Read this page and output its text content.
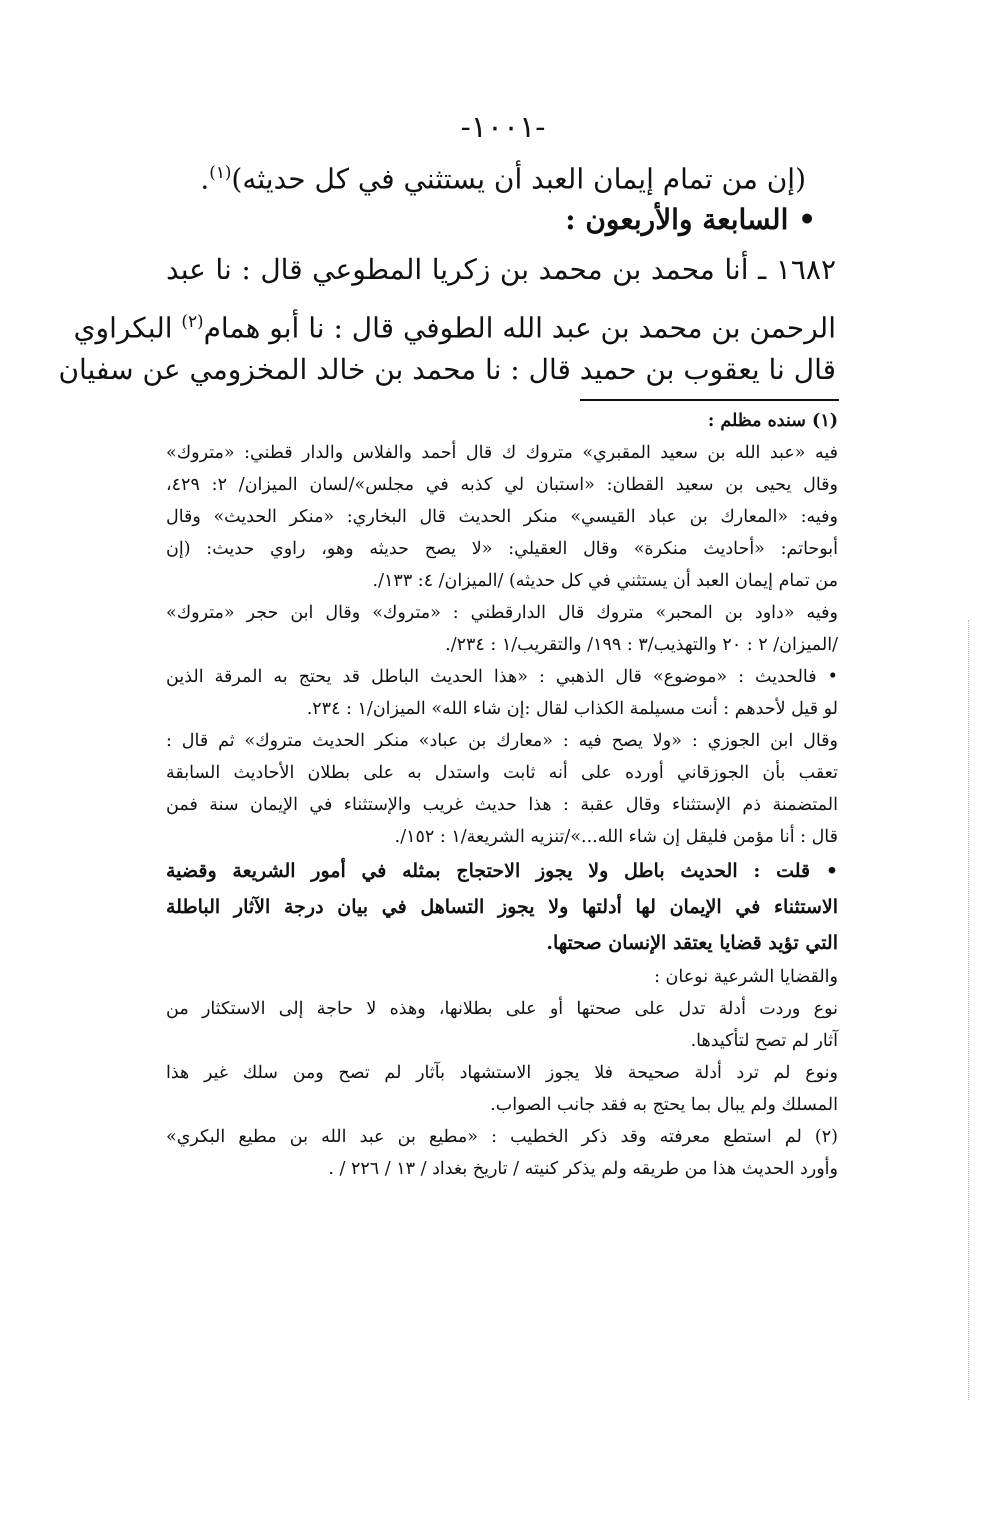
-١٠٠١-

(إن من تمام إيمان العبد أن يستثني في كل حديثه)$^{(١)}$.

• السابعة والأربعون :

١٦٨٢ ـ أنا محمد بن محمد بن زكريا المطوعي قال : نا عبد

الرحمن بن محمد بن عبد الله الطوفي قال : نا أبو همام$^{(٢)}$ البكراوي

قال نا يعقوب بن حميد قال : نا محمد بن خالد المخزومي عن سفيان

(١) سنده مظلم :

فيه «عبد الله بن سعيد المقبري» متروك ك قال أحمد والفلاس والدار قطني: «متروك»

وقال يحيى بن سعيد القطان: «استبان لي كذبه في مجلس»/لسان الميزان/ ٢: ٤٢٩،

وفيه: «المعارك بن عباد القيسي» منكر الحديث قال البخاري: «منكر الحديث» وقال

أبوحاتم: «أحاديث منكرة» وقال العقيلي: «لا يصح حديثه وهو، راوي حديث: (إن

من تمام إيمان العبد أن يستثني في كل حديثه) /الميزان/ ٤: ١٣٣/.

وفيه «داود بن المحبر» متروك قال الدارقطني : «متروك» وقال ابن حجر «متروك»

/الميزان/ ٢ : ٢٠ والتهذيب/٣ : ١٩٩/ والتقريب/١ : ٢٣٤/.

• فالحديث : «موضوع» قال الذهبي : «هذا الحديث الباطل قد يحتج به المرقة الذين

لو قيل لأحدهم : أنت مسيلمة الكذاب لقال :إن شاء الله» الميزان/١ : ٢٣٤.

وقال ابن الجوزي : «ولا يصح فيه : «معارك بن عباد» منكر الحديث متروك» ثم قال :

تعقب بأن الجوزقاني أورده على أنه ثابت واستدل به على بطلان الأحاديث السابقة

المتضمنة ذم الإستثناء وقال عقبة : هذا حديث غريب والإستثناء في الإيمان سنة فمن

قال : أنا مؤمن فليقل إن شاء الله...»/تنزيه الشريعة/١ : ١٥٢/.

• قلت : الحديث باطل ولا يجوز الاحتجاج بمثله في أمور الشريعة وقضية

الاستثناء في الإيمان لها أدلتها ولا يجوز التساهل في بيان درجة الآثار الباطلة

التي تؤيد قضايا يعتقد الإنسان صحتها.

والقضايا الشرعية نوعان :

نوع وردت أدلة تدل على صحتها أو على بطلانها، وهذه لا حاجة إلى الاستكثار من

آثار لم تصح لتأكيدها.

ونوع لم ترد أدلة صحيحة فلا يجوز الاستشهاد بآثار لم تصح ومن سلك غير هذا

المسلك ولم يبال بما يحتج به فقد جانب الصواب.

(٢) لم استطع معرفته وقد ذكر الخطيب : «مطيع بن عبد الله بن مطيع البكري»

وأورد الحديث هذا من طريقه ولم يذكر كنيته / تاريخ بغداد / ١٣ / ٢٢٦ / .
